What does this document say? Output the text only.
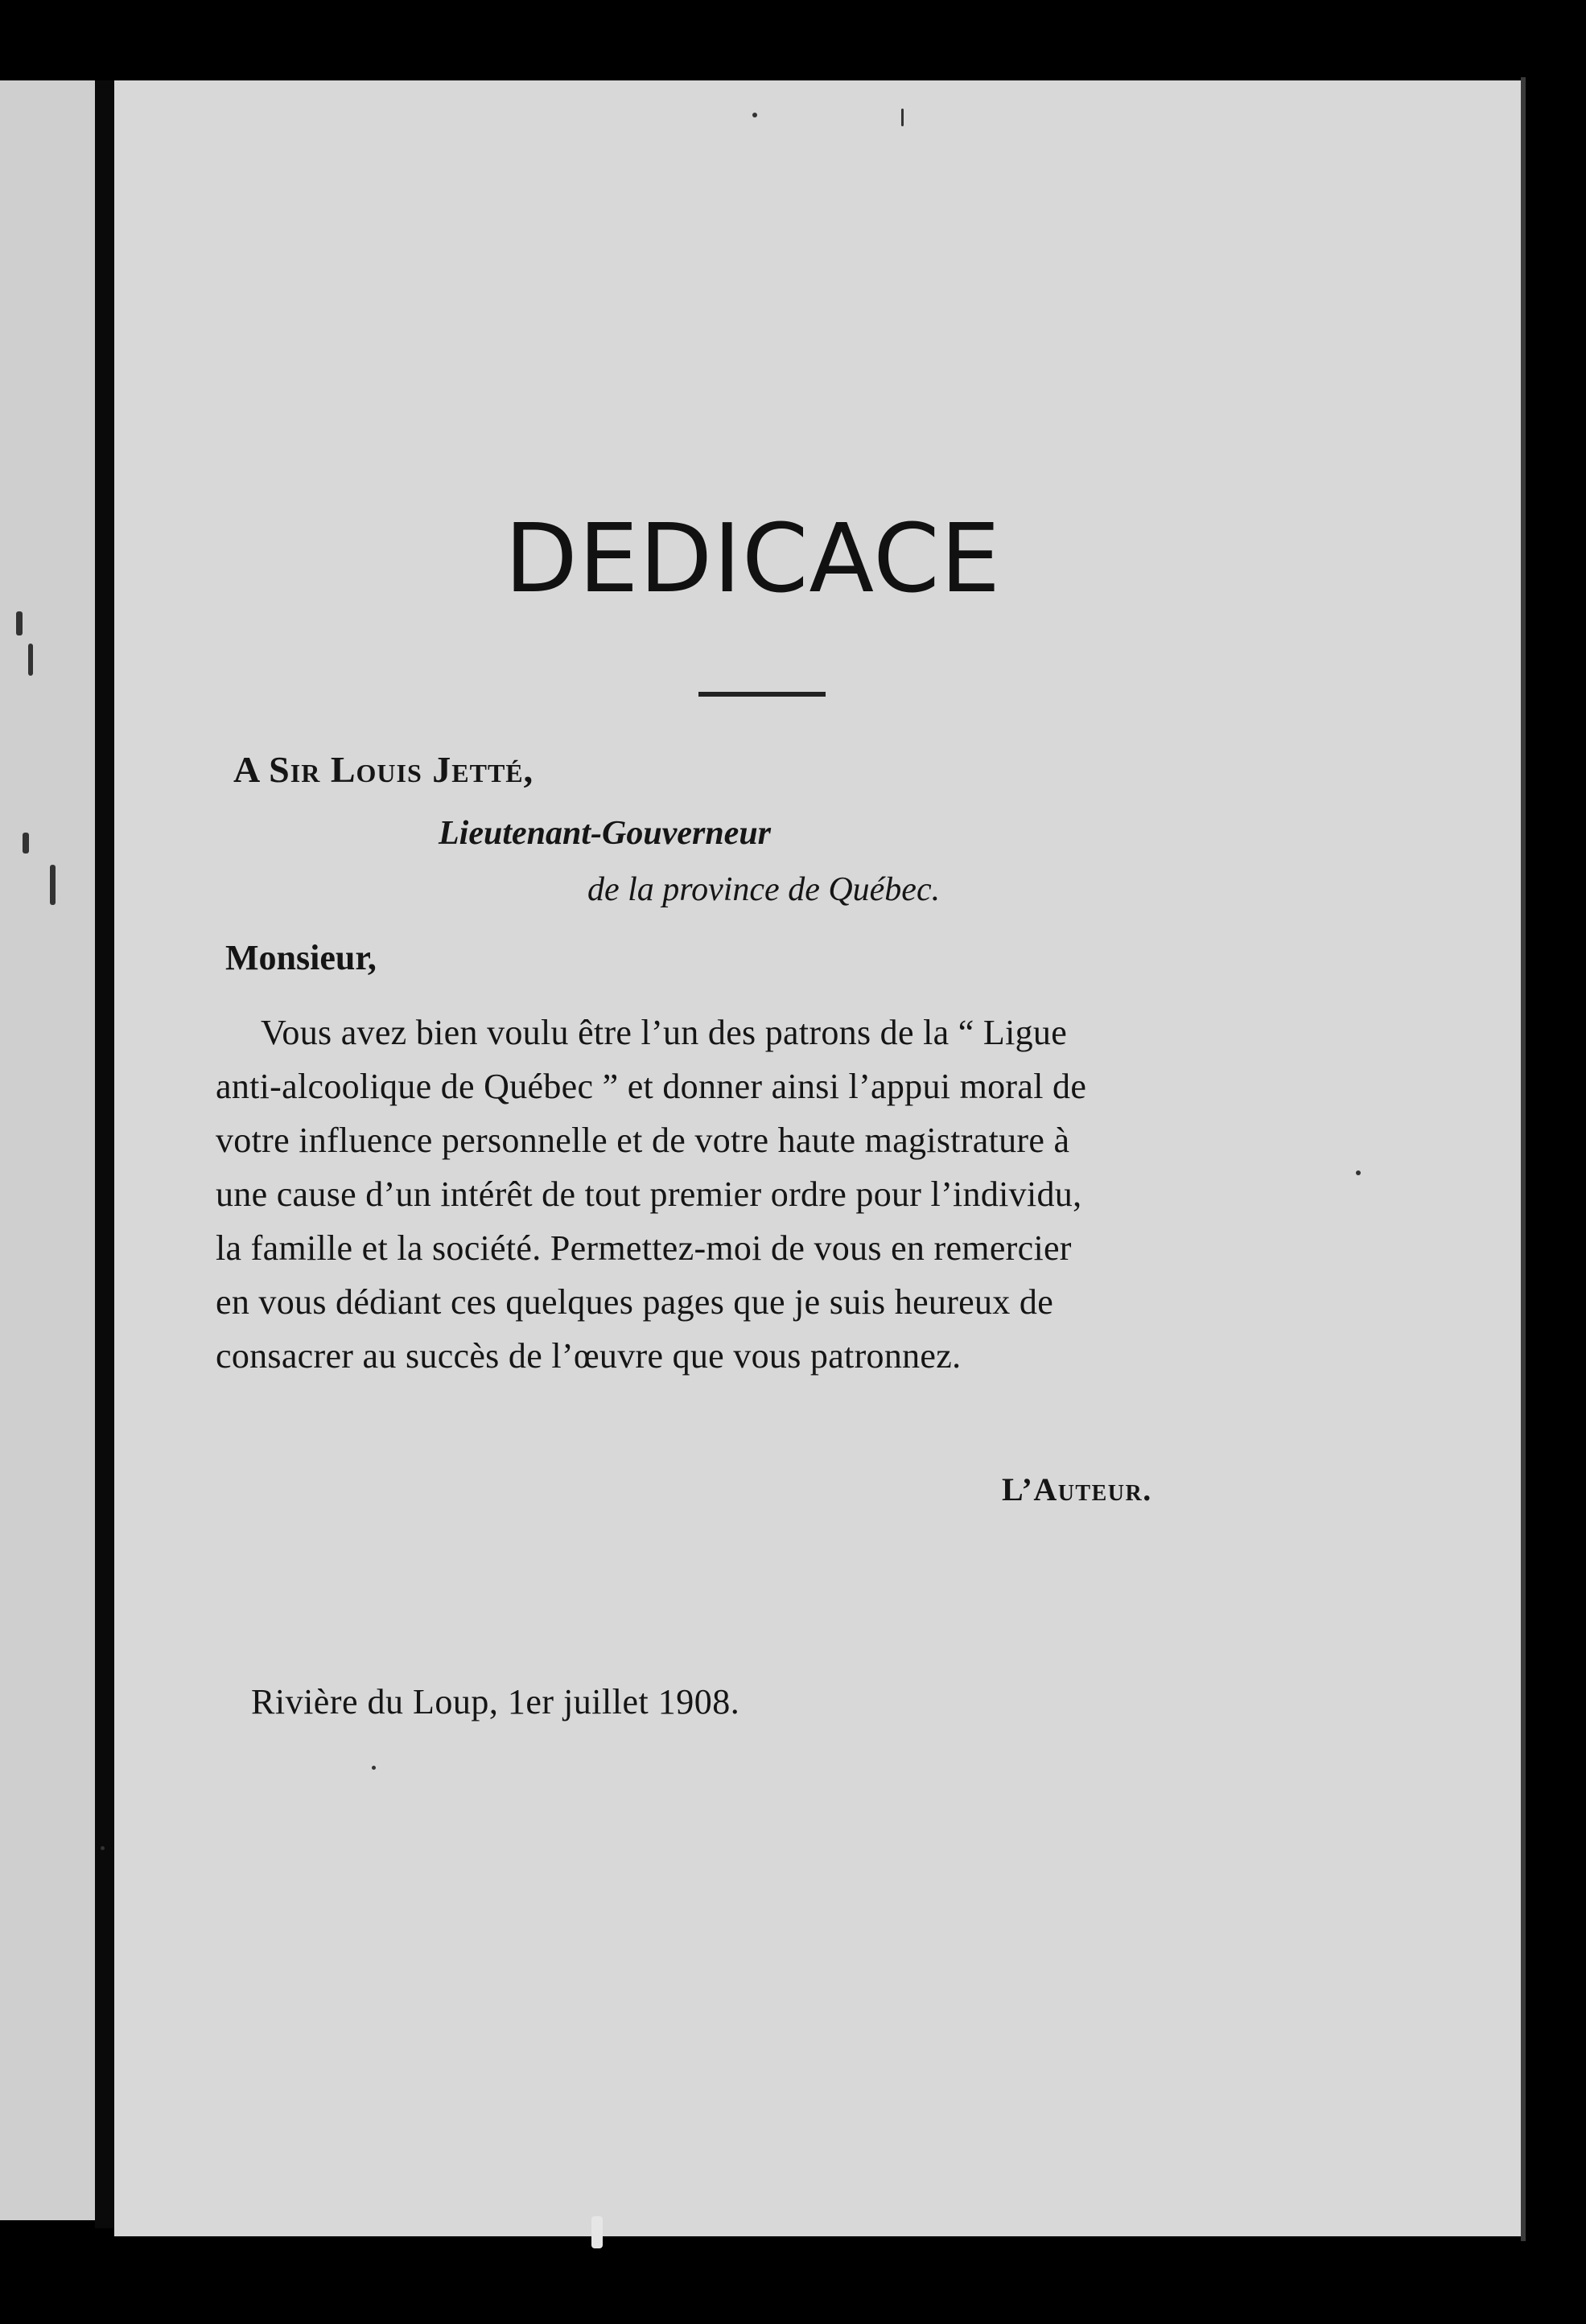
DEDICACE
A Sir Louis Jetté,
Lieutenant-Gouverneur
de la province de Québec.
Monsieur,
Vous avez bien voulu être l’un des patrons de la “ Ligue
anti-alcoolique de Québec ” et donner ainsi l’appui moral de
votre influence personnelle et de votre haute magistrature à
une cause d’un intérêt de tout premier ordre pour l’individu,
la famille et la société. Permettez-moi de vous en remercier
en vous dédiant ces quelques pages que je suis heureux de
consacrer au succès de l’œuvre que vous patronnez.
L’Auteur.
Rivière du Loup, 1er juillet 1908.
